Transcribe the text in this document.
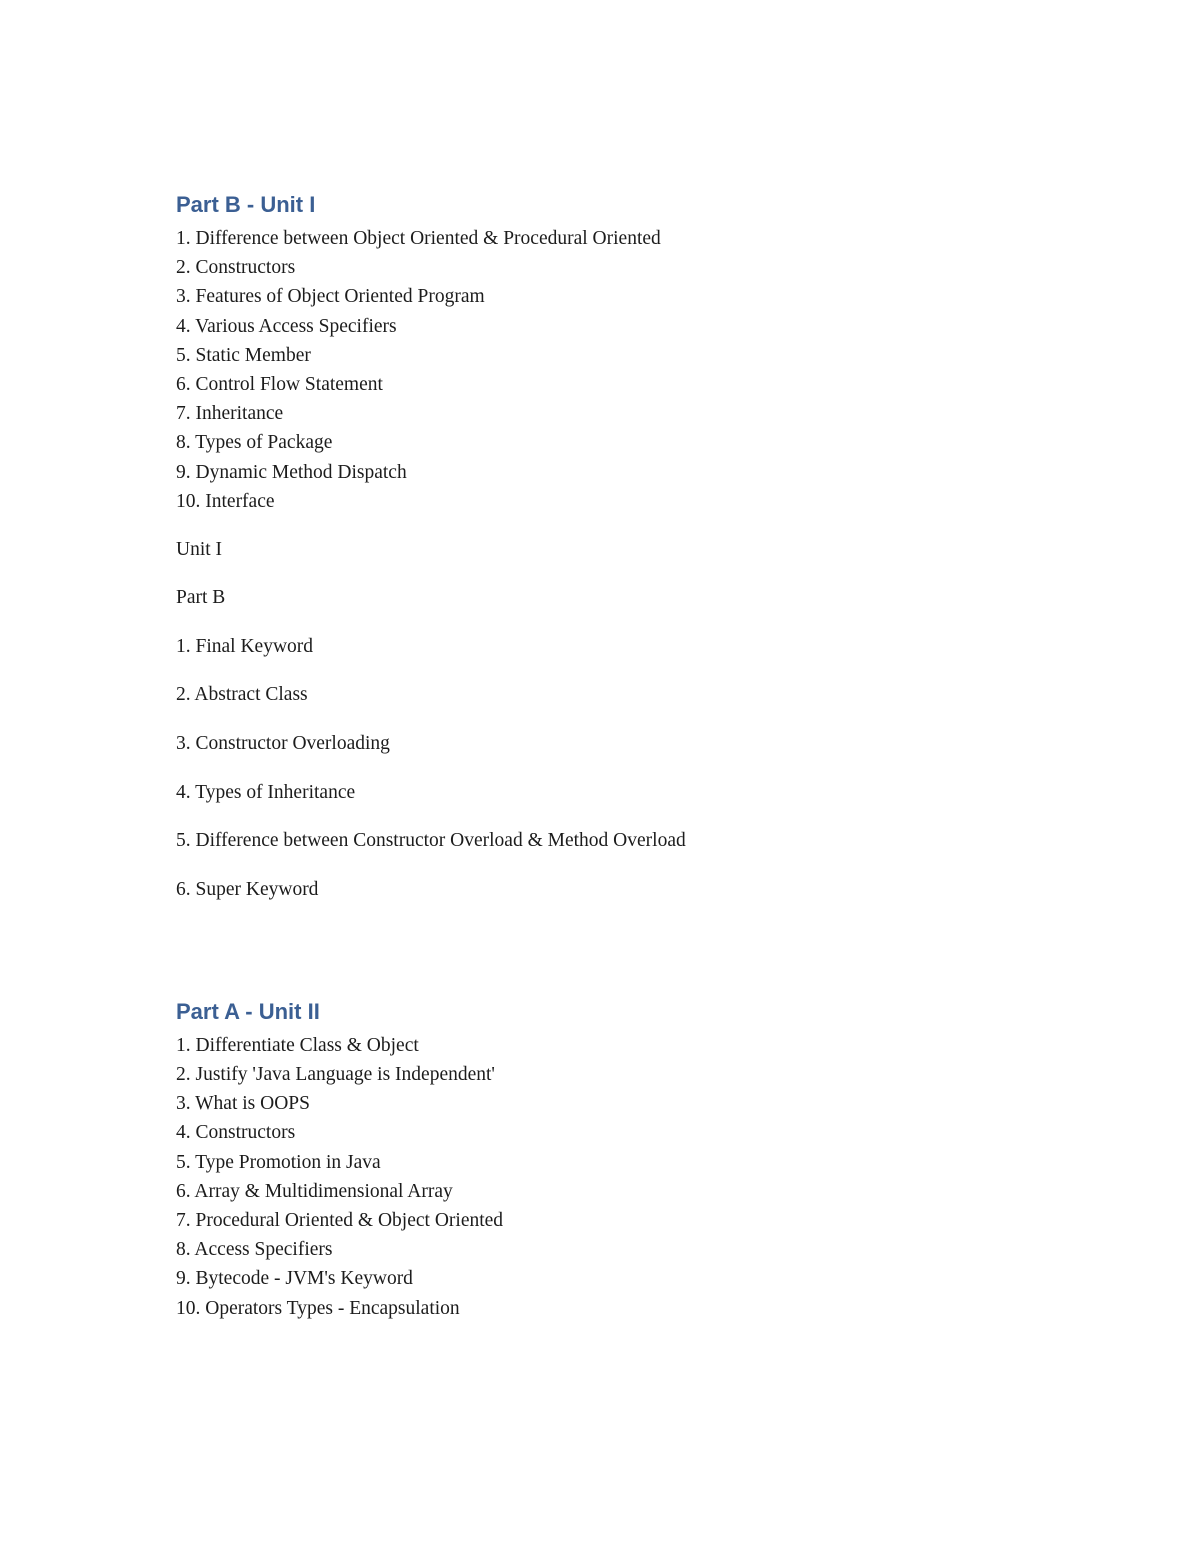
Part B - Unit I
1. Difference between Object Oriented & Procedural Oriented
2. Constructors
3. Features of Object Oriented Program
4. Various Access Specifiers
5. Static Member
6. Control Flow Statement
7. Inheritance
8. Types of Package
9. Dynamic Method Dispatch
10. Interface

Unit I

Part B

1. Final Keyword
2. Abstract Class
3. Constructor Overloading
4. Types of Inheritance
5. Difference between Constructor Overload & Method Overload
6. Super Keyword
Part A - Unit II
1. Differentiate Class & Object
2. Justify 'Java Language is Independent'
3. What is OOPS
4. Constructors
5. Type Promotion in Java
6. Array & Multidimensional Array
7. Procedural Oriented & Object Oriented
8. Access Specifiers
9. Bytecode - JVM's Keyword
10. Operators Types - Encapsulation
